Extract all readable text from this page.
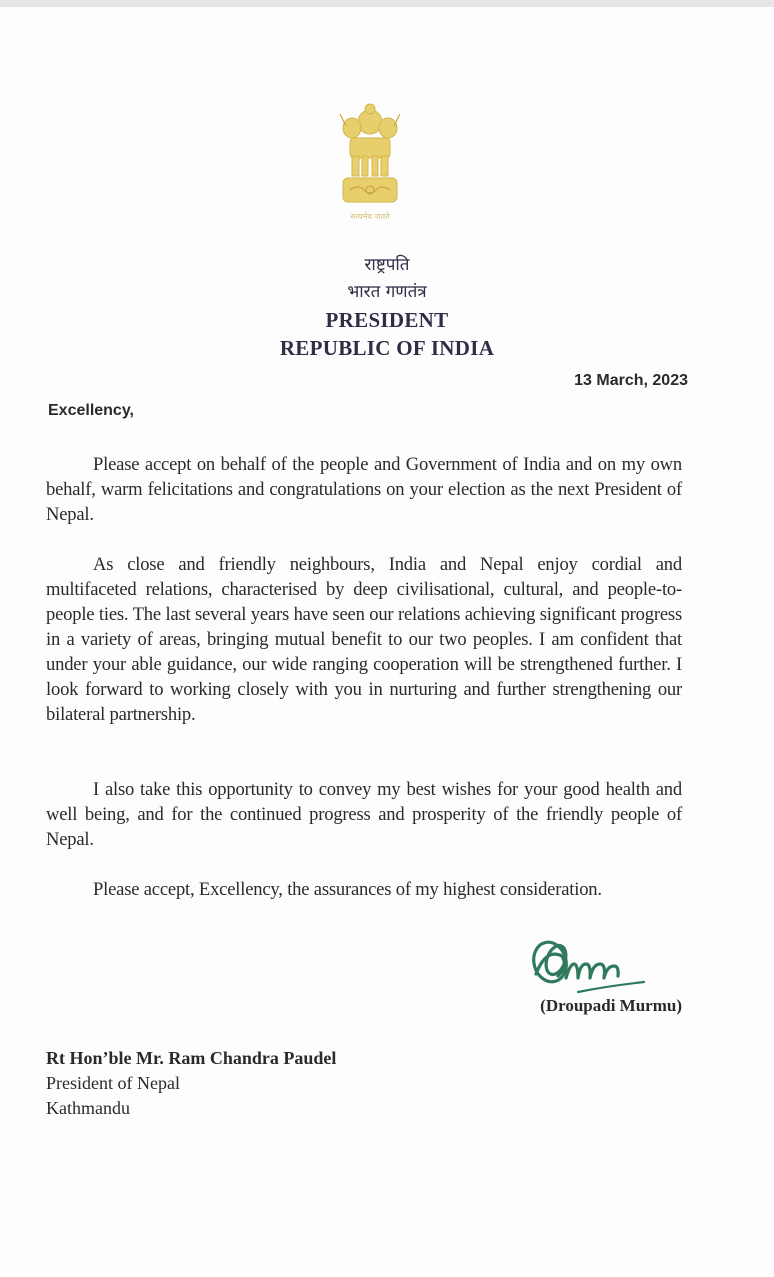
सत्यमेव जयते
राष्ट्रपति
भारत गणतंत्र
PRESIDENT
REPUBLIC OF INDIA
13 March, 2023
Excellency,

Please accept on behalf of the people and Government of India and on my own behalf, warm felicitations and congratulations on your election as the next President of Nepal.

As close and friendly neighbours, India and Nepal enjoy cordial and multifaceted relations, characterised by deep civilisational, cultural, and people-to-people ties. The last several years have seen our relations achieving significant progress in a variety of areas, bringing mutual benefit to our two peoples. I am confident that under your able guidance, our wide ranging cooperation will be strengthened further. I look forward to working closely with you in nurturing and further strengthening our bilateral partnership.

I also take this opportunity to convey my best wishes for your good health and well being, and for the continued progress and prosperity of the friendly people of Nepal.

Please accept, Excellency, the assurances of my highest consideration.

(Droupadi Murmu)
Rt Hon’ble Mr. Ram Chandra Paudel
President of Nepal
Kathmandu
